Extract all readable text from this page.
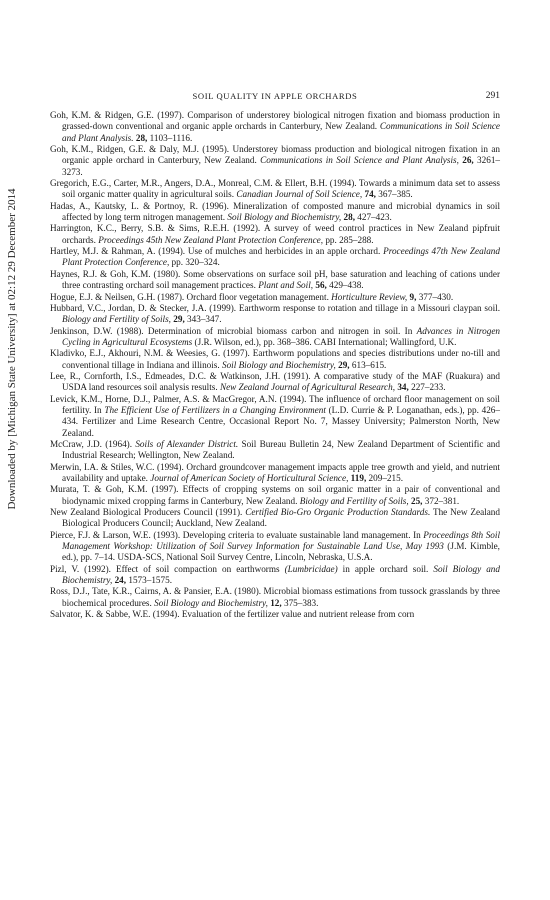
Downloaded by [Michigan State University] at 02:12 29 December 2014
SOIL QUALITY IN APPLE ORCHARDS	291
Goh, K.M. & Ridgen, G.E. (1997). Comparison of understorey biological nitrogen fixation and biomass production in grassed-down conventional and organic apple orchards in Canterbury, New Zealand. Communications in Soil Science and Plant Analysis. 28, 1103–1116.
Goh, K.M., Ridgen, G.E. & Daly, M.J. (1995). Understorey biomass production and biological nitrogen fixation in an organic apple orchard in Canterbury, New Zealand. Communications in Soil Science and Plant Analysis, 26, 3261–3273.
Gregorich, E.G., Carter, M.R., Angers, D.A., Monreal, C.M. & Ellert, B.H. (1994). Towards a minimum data set to assess soil organic matter quality in agricultural soils. Canadian Journal of Soil Science, 74, 367–385.
Hadas, A., Kautsky, L. & Portnoy, R. (1996). Mineralization of composted manure and microbial dynamics in soil affected by long term nitrogen management. Soil Biology and Biochemistry, 28, 427–423.
Harrington, K.C., Berry, S.B. & Sims, R.E.H. (1992). A survey of weed control practices in New Zealand pipfruit orchards. Proceedings 45th New Zealand Plant Protection Conference, pp. 285–288.
Hartley, M.J. & Rahman, A. (1994). Use of mulches and herbicides in an apple orchard. Proceedings 47th New Zealand Plant Protection Conference, pp. 320–324.
Haynes, R.J. & Goh, K.M. (1980). Some observations on surface soil pH, base saturation and leaching of cations under three contrasting orchard soil management practices. Plant and Soil, 56, 429–438.
Hogue, E.J. & Neilsen, G.H. (1987). Orchard floor vegetation management. Horticulture Review, 9, 377–430.
Hubbard, V.C., Jordan, D. & Stecker, J.A. (1999). Earthworm response to rotation and tillage in a Missouri claypan soil. Biology and Fertility of Soils, 29, 343–347.
Jenkinson, D.W. (1988). Determination of microbial biomass carbon and nitrogen in soil. In Advances in Nitrogen Cycling in Agricultural Ecosystems (J.R. Wilson, ed.), pp. 368–386. CABI International; Wallingford, U.K.
Kladivko, E.J., Akhouri, N.M. & Weesies, G. (1997). Earthworm populations and species distributions under no-till and conventional tillage in Indiana and illinois. Soil Biology and Biochemistry, 29, 613–615.
Lee, R., Cornforth, I.S., Edmeades, D.C. & Watkinson, J.H. (1991). A comparative study of the MAF (Ruakura) and USDA land resources soil analysis results. New Zealand Journal of Agricultural Research, 34, 227–233.
Levick, K.M., Horne, D.J., Palmer, A.S. & MacGregor, A.N. (1994). The influence of orchard floor management on soil fertility. In The Efficient Use of Fertilizers in a Changing Environment (L.D. Currie & P. Loganathan, eds.), pp. 426–434. Fertilizer and Lime Research Centre, Occasional Report No. 7, Massey University; Palmerston North, New Zealand.
McCraw, J.D. (1964). Soils of Alexander District. Soil Bureau Bulletin 24, New Zealand Department of Scientific and Industrial Research; Wellington, New Zealand.
Merwin, I.A. & Stiles, W.C. (1994). Orchard groundcover management impacts apple tree growth and yield, and nutrient availability and uptake. Journal of American Society of Horticultural Science, 119, 209–215.
Murata, T. & Goh, K.M. (1997). Effects of cropping systems on soil organic matter in a pair of conventional and biodynamic mixed cropping farms in Canterbury, New Zealand. Biology and Fertility of Soils, 25, 372–381.
New Zealand Biological Producers Council (1991). Certified Bio-Gro Organic Production Standards. The New Zealand Biological Producers Council; Auckland, New Zealand.
Pierce, F.J. & Larson, W.E. (1993). Developing criteria to evaluate sustainable land management. In Proceedings 8th Soil Management Workshop: Utilization of Soil Survey Information for Sustainable Land Use, May 1993 (J.M. Kimble, ed.), pp. 7–14. USDA-SCS, National Soil Survey Centre, Lincoln, Nebraska, U.S.A.
Pizl, V. (1992). Effect of soil compaction on earthworms (Lumbricidae) in apple orchard soil. Soil Biology and Biochemistry, 24, 1573–1575.
Ross, D.J., Tate, K.R., Cairns, A. & Pansier, E.A. (1980). Microbial biomass estimations from tussock grasslands by three biochemical procedures. Soil Biology and Biochemistry, 12, 375–383.
Salvator, K. & Sabbe, W.E. (1994). Evaluation of the fertilizer value and nutrient release from corn
